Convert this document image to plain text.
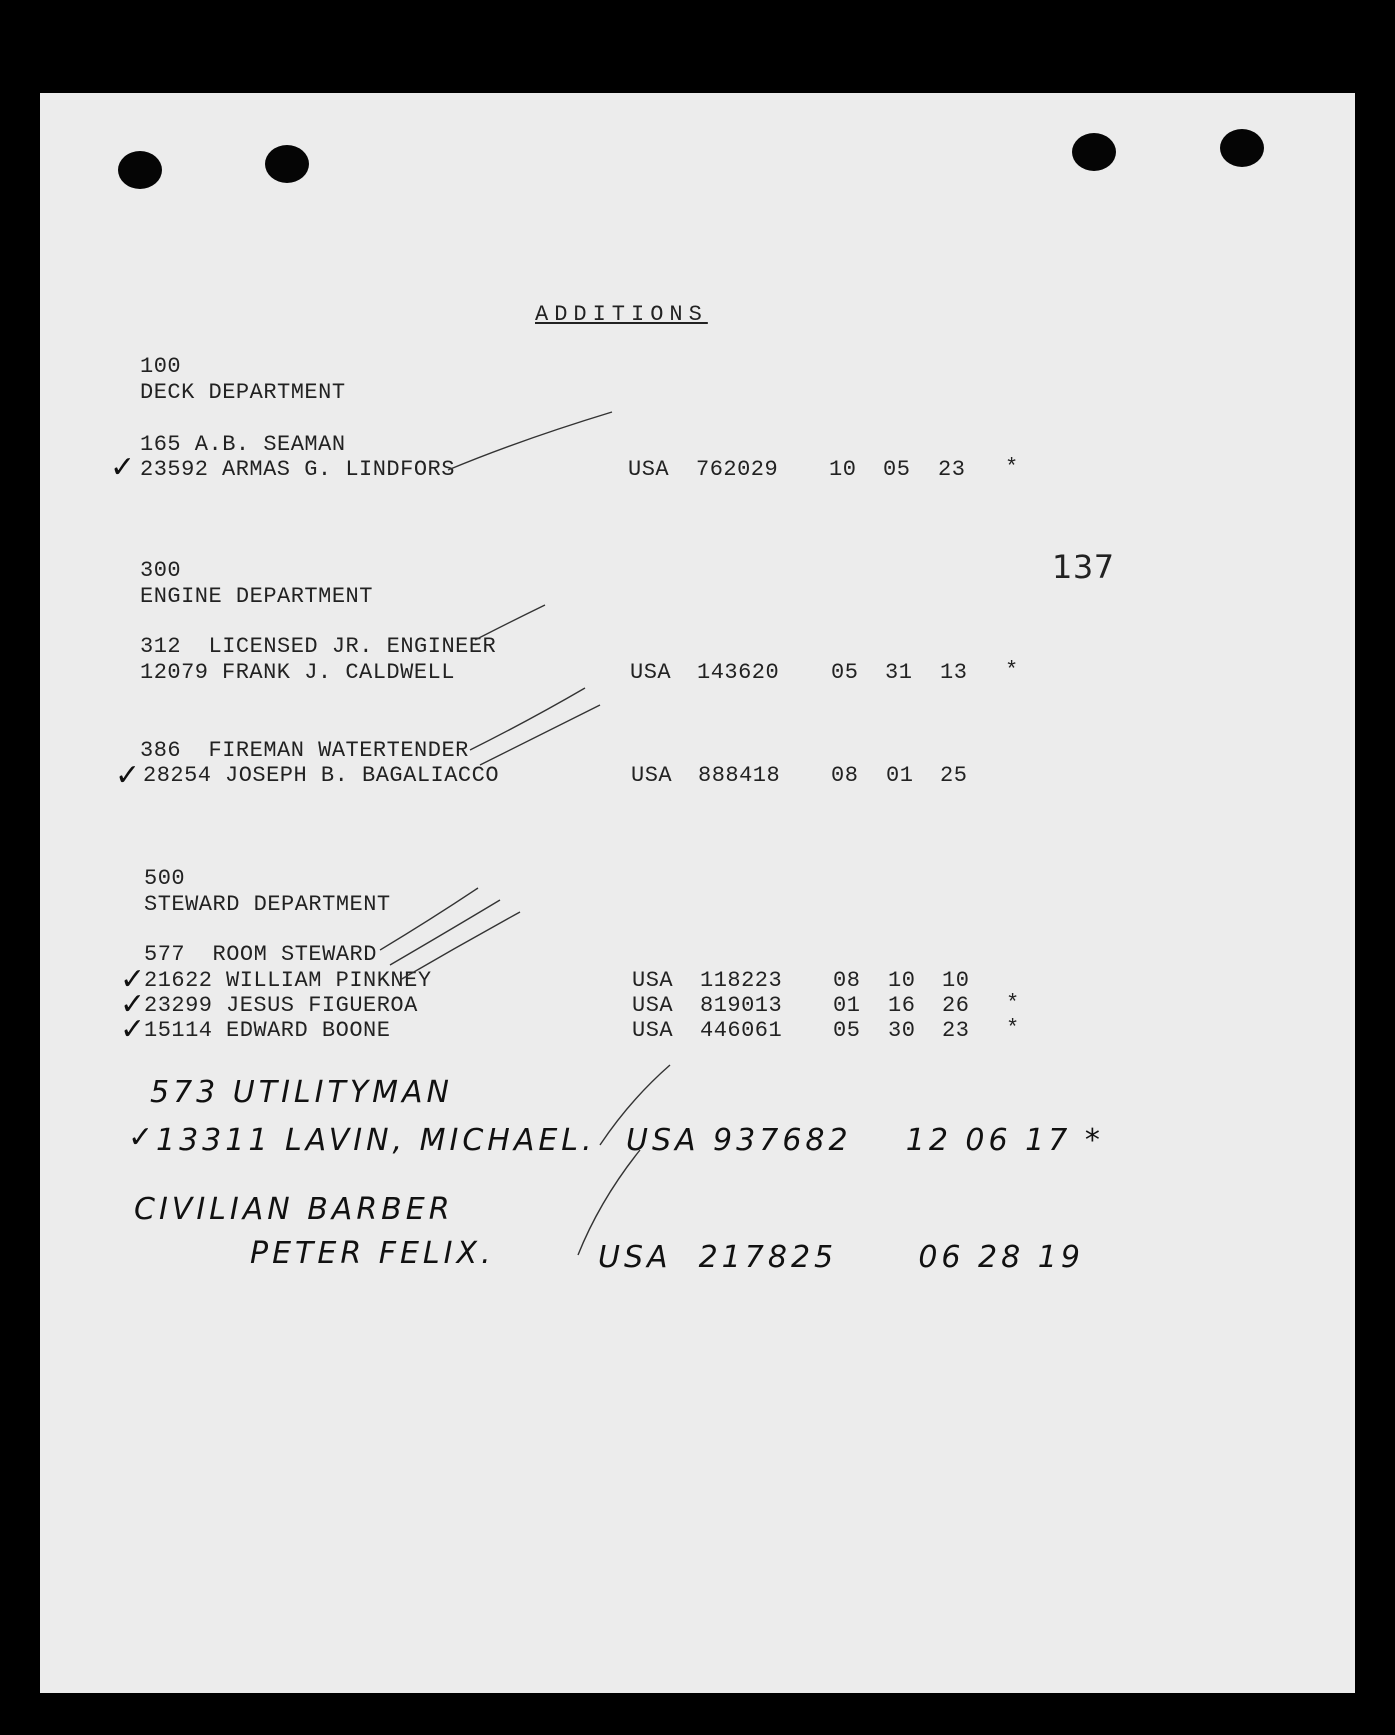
ADDITIONS
137
100
DECK DEPARTMENT
165 A.B. SEAMAN
✓ 23592 ARMAS G. LINDFORS	USA 762029 10 05 23 *
300
ENGINE DEPARTMENT
312  LICENSED JR. ENGINEER
12079 FRANK J. CALDWELL	USA 143620 05 31 13 *
386  FIREMAN WATERTENDER
✓ 28254 JOSEPH B. BAGALIACCO	USA 888418 08 01 25
500
STEWARD DEPARTMENT
577  ROOM STEWARD
✓
21622 WILLIAM PINKNEY	USA 118223 08 10 10
✓
23299 JESUS FIGUEROA	USA 819013 01 16 26 *
✓
15114 EDWARD BOONE	USA 446061 05 30 23 *
573 UTILITYMAN
✓ 13311 LAVIN, MICHAEL. USA 937682    12 06 17 *
CIVILIAN BARBER
PETER FELIX.	USA  217825      06 28 19
